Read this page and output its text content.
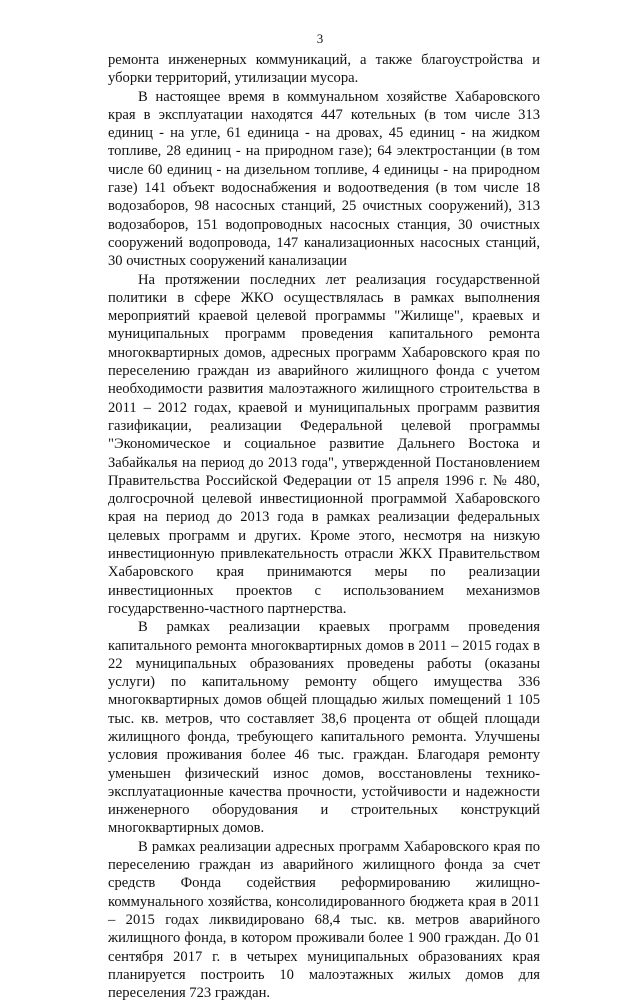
3

ремонта инженерных коммуникаций, а также благоустройства и уборки территорий, утилизации мусора.

В настоящее время в коммунальном хозяйстве Хабаровского края в эксплуатации находятся 447 котельных (в том числе 313 единиц - на угле, 61 единица - на дровах, 45 единиц - на жидком топливе, 28 единиц - на природном газе); 64 электростанции (в том числе 60 единиц - на дизельном топливе, 4 единицы - на природном газе) 141 объект водоснабжения и водоотведения (в том числе 18 водозаборов, 98 насосных станций, 25 очистных сооружений), 313 водозаборов, 151 водопроводных насосных станция, 30 очистных сооружений водопровода, 147 канализационных насосных станций, 30 очистных сооружений канализации

На протяжении последних лет реализация государственной политики в сфере ЖКО осуществлялась в рамках выполнения мероприятий краевой целевой программы "Жилище", краевых и муниципальных программ проведения капитального ремонта многоквартирных домов, адресных программ Хабаровского края по переселению граждан из аварийного жилищного фонда с учетом необходимости развития малоэтажного жилищного строительства в 2011 – 2012 годах, краевой и муниципальных программ развития газификации, реализации Федеральной целевой программы "Экономическое и социальное развитие Дальнего Востока и Забайкалья на период до 2013 года", утвержденной Постановлением Правительства Российской Федерации от 15 апреля 1996 г. № 480, долгосрочной целевой инвестиционной программой Хабаровского края на период до 2013 года в рамках реализации федеральных целевых программ и других. Кроме этого, несмотря на низкую инвестиционную привлекательность отрасли ЖКХ Правительством Хабаровского края принимаются меры по реализации инвестиционных проектов с использованием механизмов государственно-частного партнерства.

В рамках реализации краевых программ проведения капитального ремонта многоквартирных домов в 2011 – 2015 годах в 22 муниципальных образованиях проведены работы (оказаны услуги) по капитальному ремонту общего имущества 336 многоквартирных домов общей площадью жилых помещений 1 105 тыс. кв. метров, что составляет 38,6 процента от общей площади жилищного фонда, требующего капитального ремонта. Улучшены условия проживания более 46 тыс. граждан. Благодаря ремонту уменьшен физический износ домов, восстановлены технико-эксплуатационные качества прочности, устойчивости и надежности инженерного оборудования и строительных конструкций многоквартирных домов.

В рамках реализации адресных программ Хабаровского края по переселению граждан из аварийного жилищного фонда за счет средств Фонда содействия реформированию жилищно-коммунального хозяйства, консолидированного бюджета края в 2011 – 2015 годах ликвидировано 68,4 тыс. кв. метров аварийного жилищного фонда, в котором проживали более 1 900 граждан. До 01 сентября 2017 г. в четырех муниципальных образованиях края планируется построить 10 малоэтажных жилых домов для переселения 723 граждан.
